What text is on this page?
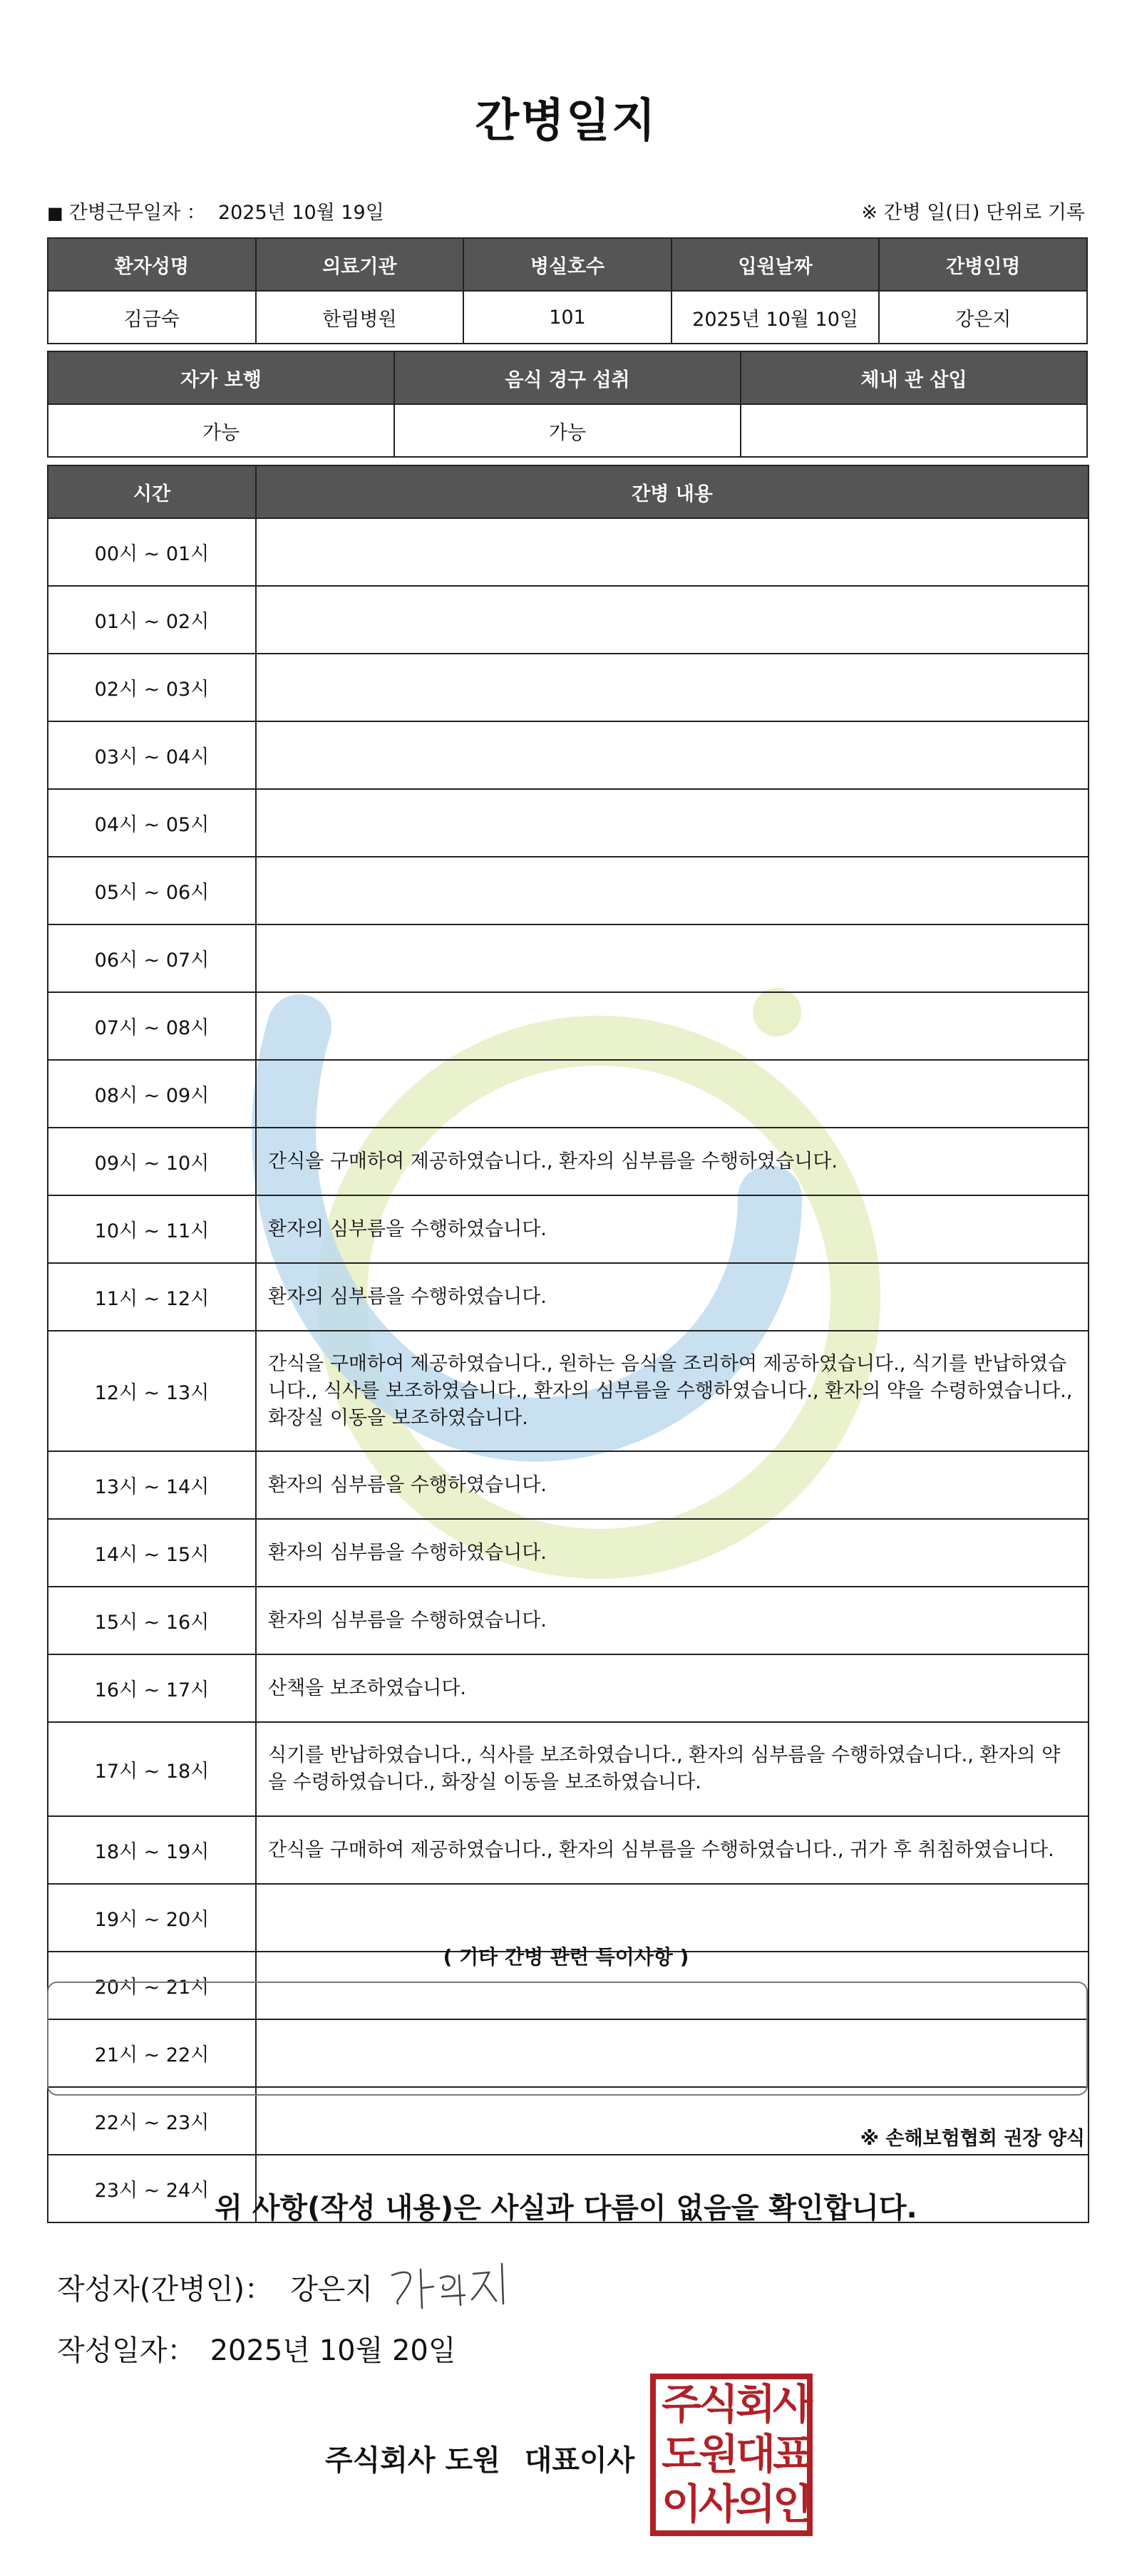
간병일지
■ 간병근무일자 ： 2025년 10월 19일	※ 간병 일(日) 단위로 기록
환자성명	의료기관	병실호수	입원날짜	간병인명
김금숙	한림병원	101	2025년 10월 10일	강은지
자가 보행	음식 경구 섭취	체내 관 삽입
가능	가능	
시간	간병 내용
00시 ~ 01시	
01시 ~ 02시	
02시 ~ 03시	
03시 ~ 04시	
04시 ~ 05시	
05시 ~ 06시	
06시 ~ 07시	
07시 ~ 08시	
08시 ~ 09시	
09시 ~ 10시	간식을 구매하여 제공하였습니다., 환자의 심부름을 수행하였습니다.
10시 ~ 11시	환자의 심부름을 수행하였습니다.
11시 ~ 12시	환자의 심부름을 수행하였습니다.
12시 ~ 13시	간식을 구매하여 제공하였습니다., 원하는 음식을 조리하여 제공하였습니다., 식기를 반납하였습니다., 식사를 보조하였습니다., 환자의 심부름을 수행하였습니다., 환자의 약을 수령하였습니다., 화장실 이동을 보조하였습니다.
13시 ~ 14시	환자의 심부름을 수행하였습니다.
14시 ~ 15시	환자의 심부름을 수행하였습니다.
15시 ~ 16시	환자의 심부름을 수행하였습니다.
16시 ~ 17시	산책을 보조하였습니다.
17시 ~ 18시	식기를 반납하였습니다., 식사를 보조하였습니다., 환자의 심부름을 수행하였습니다., 환자의 약을 수령하였습니다., 화장실 이동을 보조하였습니다.
18시 ~ 19시	간식을 구매하여 제공하였습니다., 환자의 심부름을 수행하였습니다., 귀가 후 취침하였습니다.
19시 ~ 20시	
20시 ~ 21시	
21시 ~ 22시	
22시 ~ 23시	
23시 ~ 24시	
( 기타 간병 관련 특이사항 )
※ 손해보험협회 권장 양식
위 사항(작성 내용)은 사실과 다름이 없음을 확인합니다.
작성자(간병인)： 강은지
작성일자： 2025년 10월 20일
주식회사 도원 대표이사
주
식
회
사
도
원
대
표
이
사
의
인
